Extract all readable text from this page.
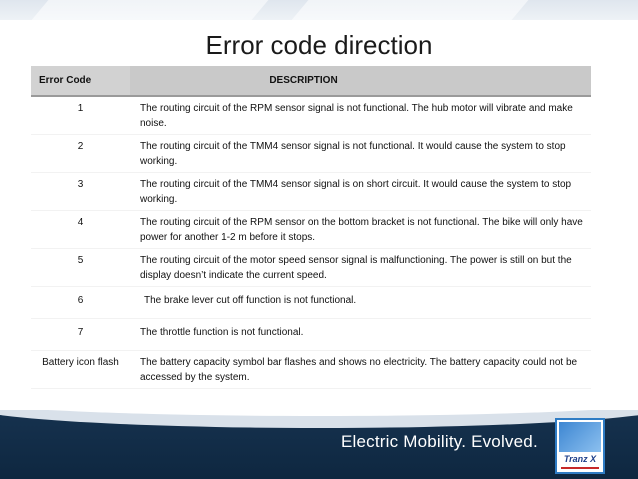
Error code direction
Error Code	DESCRIPTION
1	The routing circuit of the RPM sensor signal is not functional. The hub motor will vibrate and make noise.
2	The routing circuit of the TMM4 sensor signal is not functional. It would cause the system to stop working.
3	The routing circuit of the TMM4 sensor signal is on short circuit. It would cause the system to stop working.
4	The routing circuit of the RPM sensor on the bottom bracket is not functional. The bike will only have power for another 1-2 m before it stops.
5	The routing circuit of the motor speed sensor signal is malfunctioning. The power is still on but the display doesn’t indicate the current speed.
6	The brake lever cut off function is not functional.
7	The throttle function is not functional.
Battery icon flash	The battery capacity symbol bar flashes and shows no electricity. The battery capacity could not be accessed by the system.
Electric Mobility. Evolved.
Tranz X
